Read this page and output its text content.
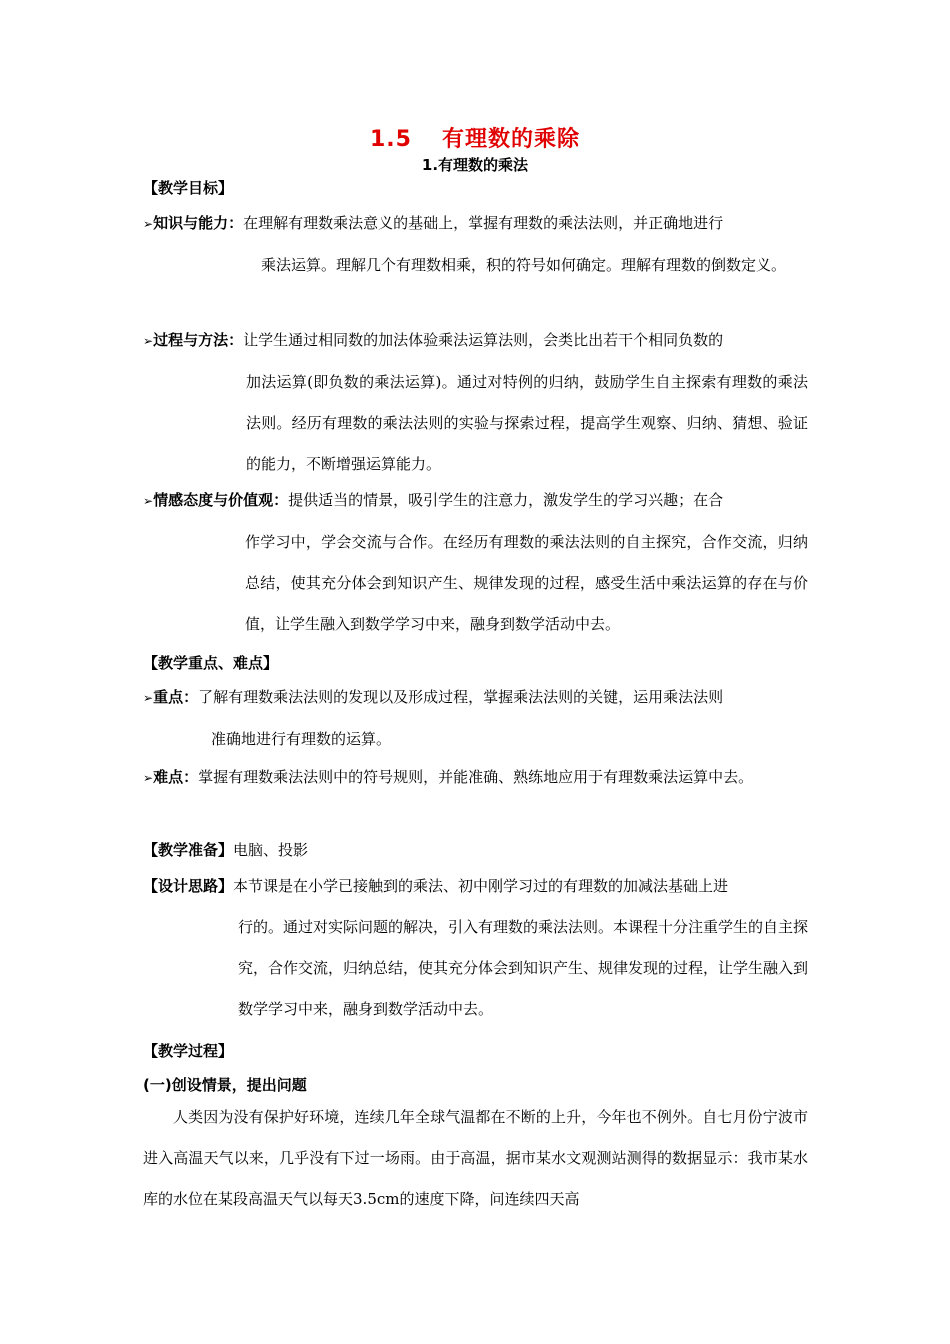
1.5 有理数的乘除
1.有理数的乘法
【教学目标】

➢知识与能力：在理解有理数乘法意义的基础上，掌握有理数的乘法法则，并正确地进行

乘法运算。理解几个有理数相乘，积的符号如何确定。理解有理数的倒数定义。

➢过程与方法：让学生通过相同数的加法体验乘法运算法则，会类比出若干个相同负数的

加法运算(即负数的乘法运算)。通过对特例的归纳，鼓励学生自主探索有理数的乘法法则。经历有理数的乘法法则的实验与探索过程，提高学生观察、归纳、猜想、验证的能力，不断增强运算能力。

➢情感态度与价值观：提供适当的情景，吸引学生的注意力，激发学生的学习兴趣；在合

作学习中，学会交流与合作。在经历有理数的乘法法则的自主探究，合作交流，归纳总结，使其充分体会到知识产生、规律发现的过程，感受生活中乘法运算的存在与价值，让学生融入到数学学习中来，融身到数学活动中去。

【教学重点、难点】

➢重点：了解有理数乘法法则的发现以及形成过程，掌握乘法法则的关键，运用乘法法则

准确地进行有理数的运算。

➢难点：掌握有理数乘法法则中的符号规则，并能准确、熟练地应用于有理数乘法运算中去。

【教学准备】电脑、投影

【设计思路】本节课是在小学已接触到的乘法、初中刚学习过的有理数的加减法基础上进

行的。通过对实际问题的解决，引入有理数的乘法法则。本课程十分注重学生的自主探究，合作交流，归纳总结，使其充分体会到知识产生、规律发现的过程，让学生融入到数学学习中来，融身到数学活动中去。

【教学过程】
(一)创设情景，提出问题

人类因为没有保护好环境，连续几年全球气温都在不断的上升，今年也不例外。自七月份宁波市进入高温天气以来，几乎没有下过一场雨。由于高温，据市某水文观测站测得的数据显示：我市某水库的水位在某段高温天气以每天3.5cm的速度下降，问连续四天高
